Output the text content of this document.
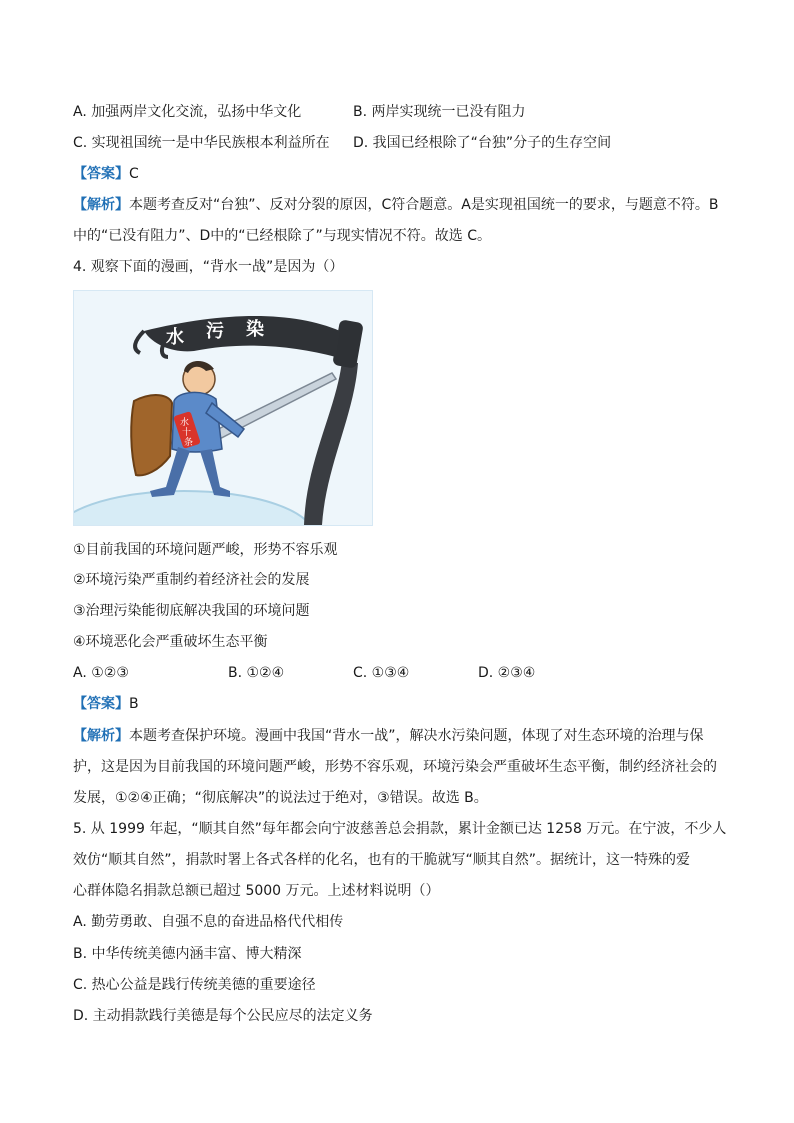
A. 加强两岸文化交流，弘扬中华文化	B. 两岸实现统一已没有阻力
C. 实现祖国统一是中华民族根本利益所在 D. 我国已经根除了“台独”分子的生存空间
【答案】C
【解析】本题考查反对“台独”、反对分裂的原因，C符合题意。A是实现祖国统一的要求，与题意不符。B
中的“已没有阻力”、D中的“已经根除了”与现实情况不符。故选 C。
4. 观察下面的漫画，“背水一战”是因为（）
水 污 染
水
十
条
①目前我国的环境问题严峻，形势不容乐观
②环境污染严重制约着经济社会的发展
③治理污染能彻底解决我国的环境问题
④环境恶化会严重破坏生态平衡
A. ①②③	B. ①②④	C. ①③④	D. ②③④
【答案】B
【解析】本题考查保护环境。漫画中我国“背水一战”，解决水污染问题，体现了对生态环境的治理与保
护，这是因为目前我国的环境问题严峻，形势不容乐观，环境污染会严重破坏生态平衡，制约经济社会的
发展，①②④正确；“彻底解决”的说法过于绝对，③错误。故选 B。
5. 从 1999 年起，“顺其自然”每年都会向宁波慈善总会捐款，累计金额已达 1258 万元。在宁波，不少人
效仿“顺其自然”，捐款时署上各式各样的化名，也有的干脆就写“顺其自然”。据统计，这一特殊的爱
心群体隐名捐款总额已超过 5000 万元。上述材料说明（）
A. 勤劳勇敢、自强不息的奋进品格代代相传
B. 中华传统美德内涵丰富、博大精深
C. 热心公益是践行传统美德的重要途径
D. 主动捐款践行美德是每个公民应尽的法定义务
